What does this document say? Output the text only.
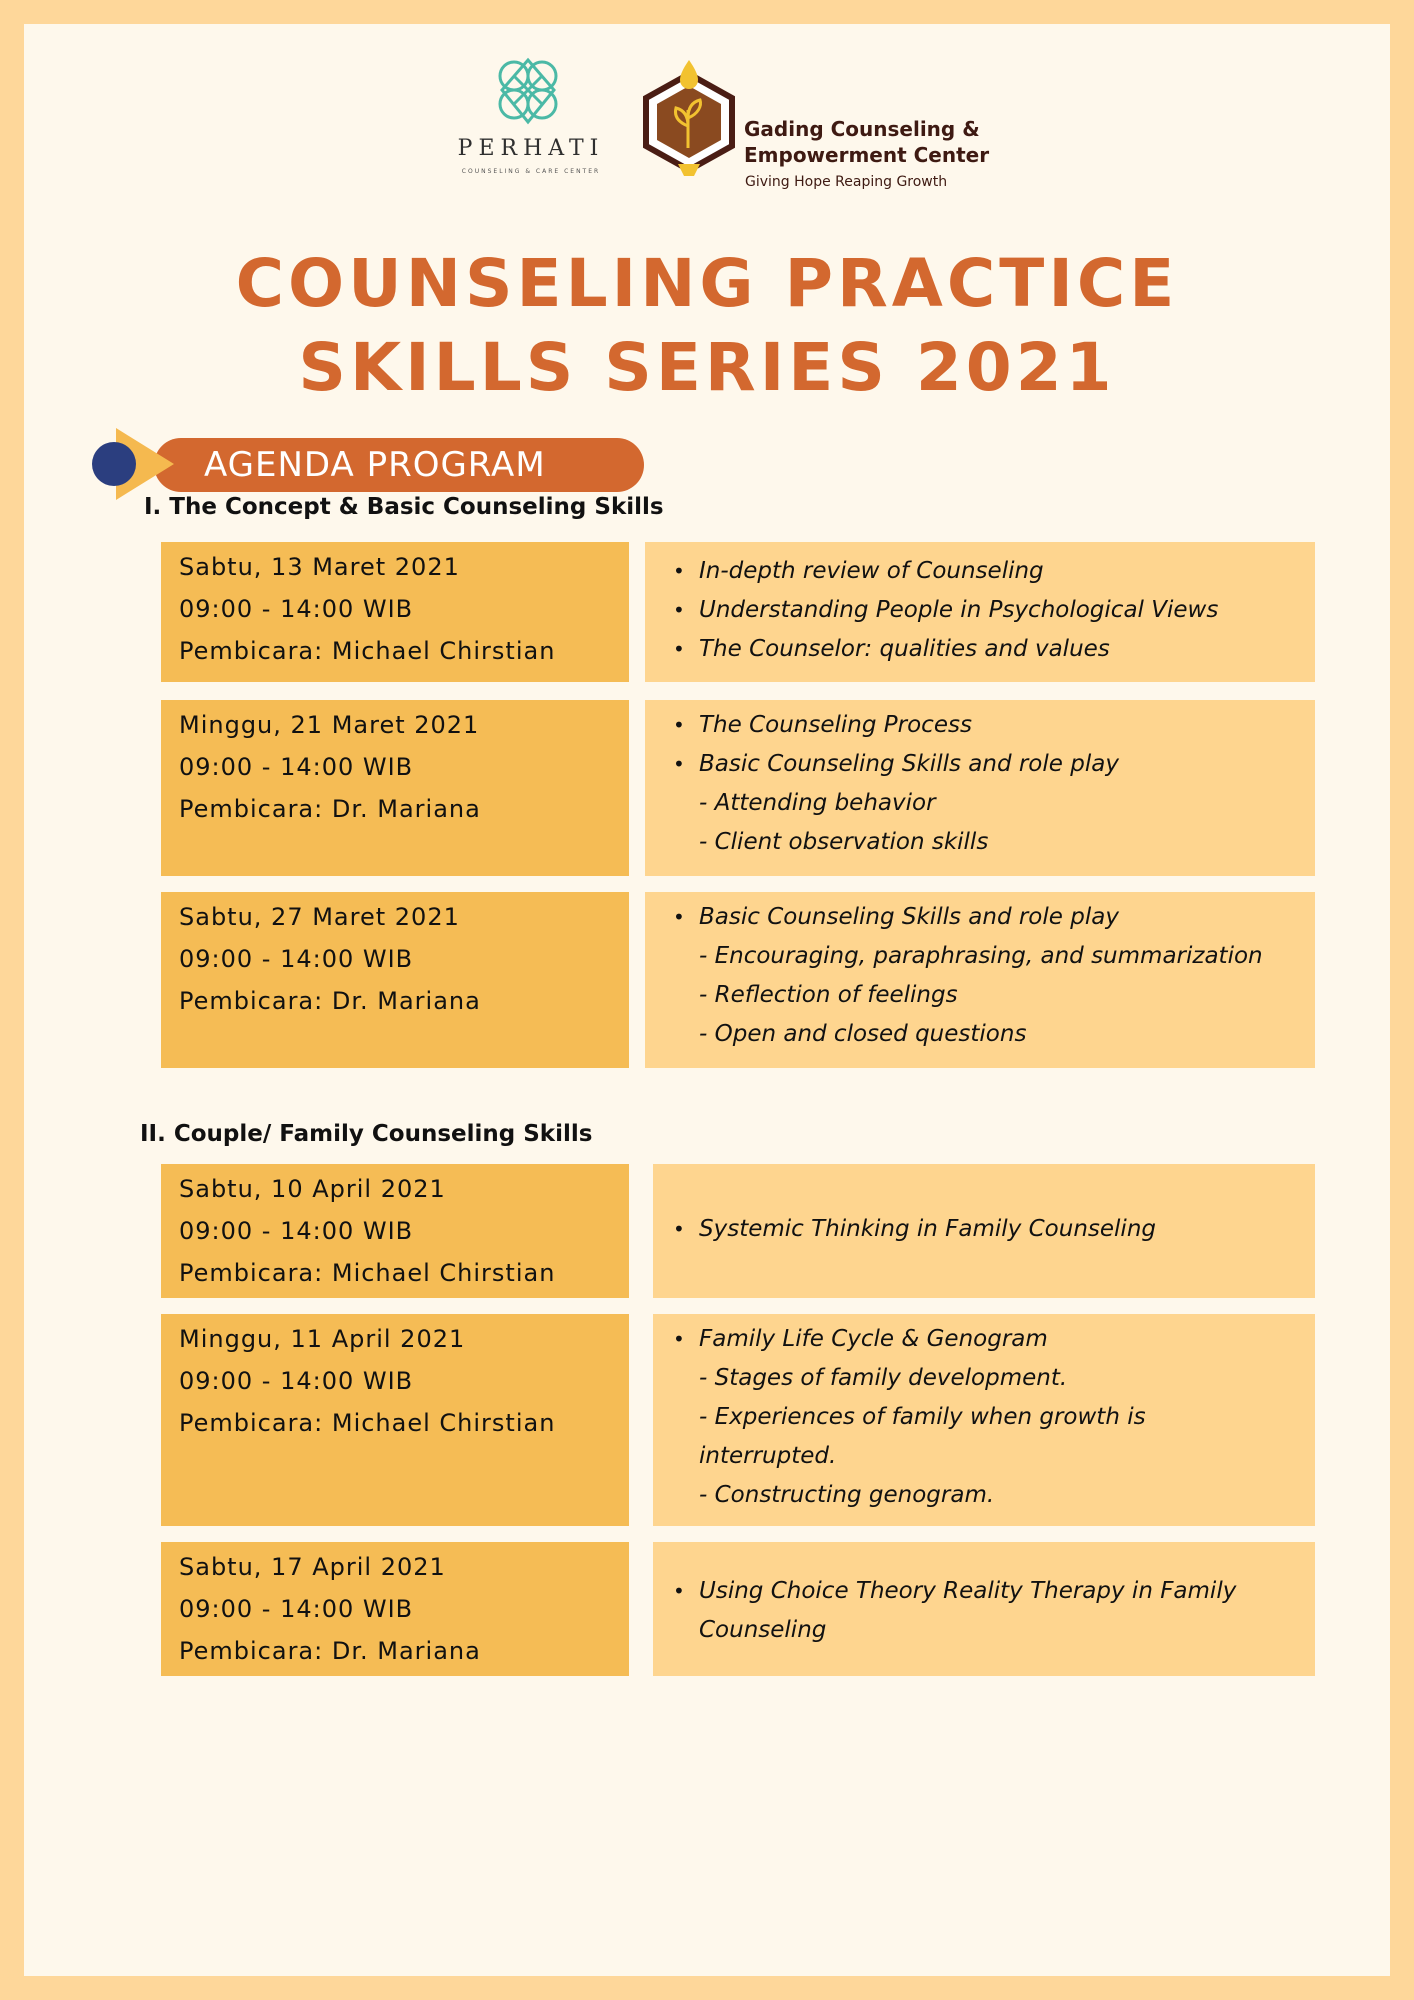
PERHATI
COUNSELING & CARE CENTER
Gading Counseling &
Empowerment Center
Giving Hope Reaping Growth
COUNSELING PRACTICE
SKILLS SERIES 2021
AGENDA PROGRAM
I. The Concept & Basic Counseling Skills
Sabtu, 13 Maret 2021
09:00 - 14:00 WIB
Pembicara: Michael Chirstian
• In-depth review of Counseling
• Understanding People in Psychological Views
• The Counselor: qualities and values
Minggu, 21 Maret 2021
09:00 - 14:00 WIB
Pembicara: Dr. Mariana
• The Counseling Process
• Basic Counseling Skills and role play
- Attending behavior
- Client observation skills
Sabtu, 27 Maret 2021
09:00 - 14:00 WIB
Pembicara: Dr. Mariana
• Basic Counseling Skills and role play
- Encouraging, paraphrasing, and summarization
- Reflection of feelings
- Open and closed questions
II. Couple/ Family Counseling Skills
Sabtu, 10 April 2021
09:00 - 14:00 WIB
Pembicara: Michael Chirstian
• Systemic Thinking in Family Counseling
Minggu, 11 April 2021
09:00 - 14:00 WIB
Pembicara: Michael Chirstian
• Family Life Cycle & Genogram
- Stages of family development.
- Experiences of family when growth is interrupted.
- Constructing genogram.
Sabtu, 17 April 2021
09:00 - 14:00 WIB
Pembicara: Dr. Mariana
• Using Choice Theory Reality Therapy in Family Counseling
